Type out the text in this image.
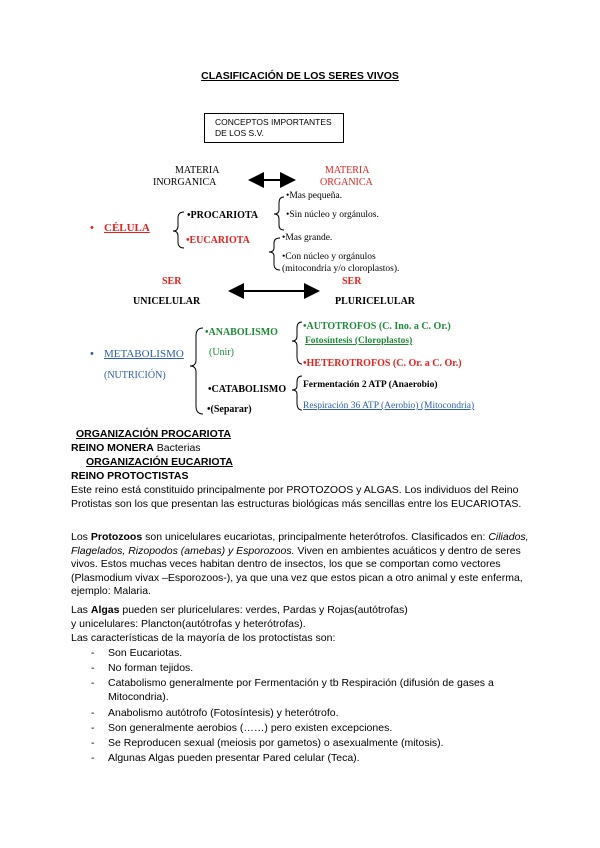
CLASIFICACIÓN DE LOS SERES VIVOS
CONCEPTOS IMPORTANTES DE LOS S.V.
MATERIA
INORGANICA
MATERIA
ORGANICA
• CÉLULA
•PROCARIOTA
•EUCARIOTA
•Mas pequeña.
•Sin núcleo y orgánulos.
•Mas grande.
•Con núcleo y orgánulos
(mitocondria y/o cloroplastos).
SER	SER
UNICELULAR	PLURICELULAR
• METABOLISMO
(NUTRICIÓN)
•ANABOLISMO
(Unir)
•CATABOLISMO
•(Separar)
•AUTOTROFOS (C. Ino. a C. Or.)
Fotosíntesis (Cloroplastos)
•HETEROTROFOS (C. Or. a C. Or.)
Fermentación 2 ATP (Anaerobio)
Respiración 36 ATP (Aerobio) (Mitocondria)
ORGANIZACIÓN PROCARIOTA
REINO MONERA Bacterias
ORGANIZACIÓN EUCARIOTA
REINO PROTOCTISTAS
Este reino está constituido principalmente por PROTOZOOS y ALGAS. Los individuos del Reino Protistas son los que presentan las estructuras biológicas más sencillas entre los EUCARIOTAS.
Los Protozoos son unicelulares eucariotas, principalmente heterótrofos. Clasificados en: Ciliados, Flagelados, Rizopodos (amebas) y Esporozoos. Viven en ambientes acuáticos y dentro de seres vivos. Estos muchas veces habitan dentro de insectos, los que se comportan como vectores (Plasmodium vivax –Esporozoos-), ya que una vez que estos pican a otro animal y este enferma, ejemplo: Malaria.
Las Algas pueden ser pluricelulares: verdes, Pardas y Rojas(autótrofas)
y unicelulares: Plancton(autótrofas y heterótrofas).
Las características de la mayoría de los protoctistas son:
- Son Eucariotas.
- No forman tejidos.
- Catabolismo generalmente por Fermentación y tb Respiración (difusión de gases a Mitocondria).
- Anabolismo autótrofo (Fotosíntesis) y heterótrofo.
- Son generalmente aerobios (……) pero existen excepciones.
- Se Reproducen sexual (meiosis por gametos) o asexualmente (mitosis).
- Algunas Algas pueden presentar Pared celular (Teca).
